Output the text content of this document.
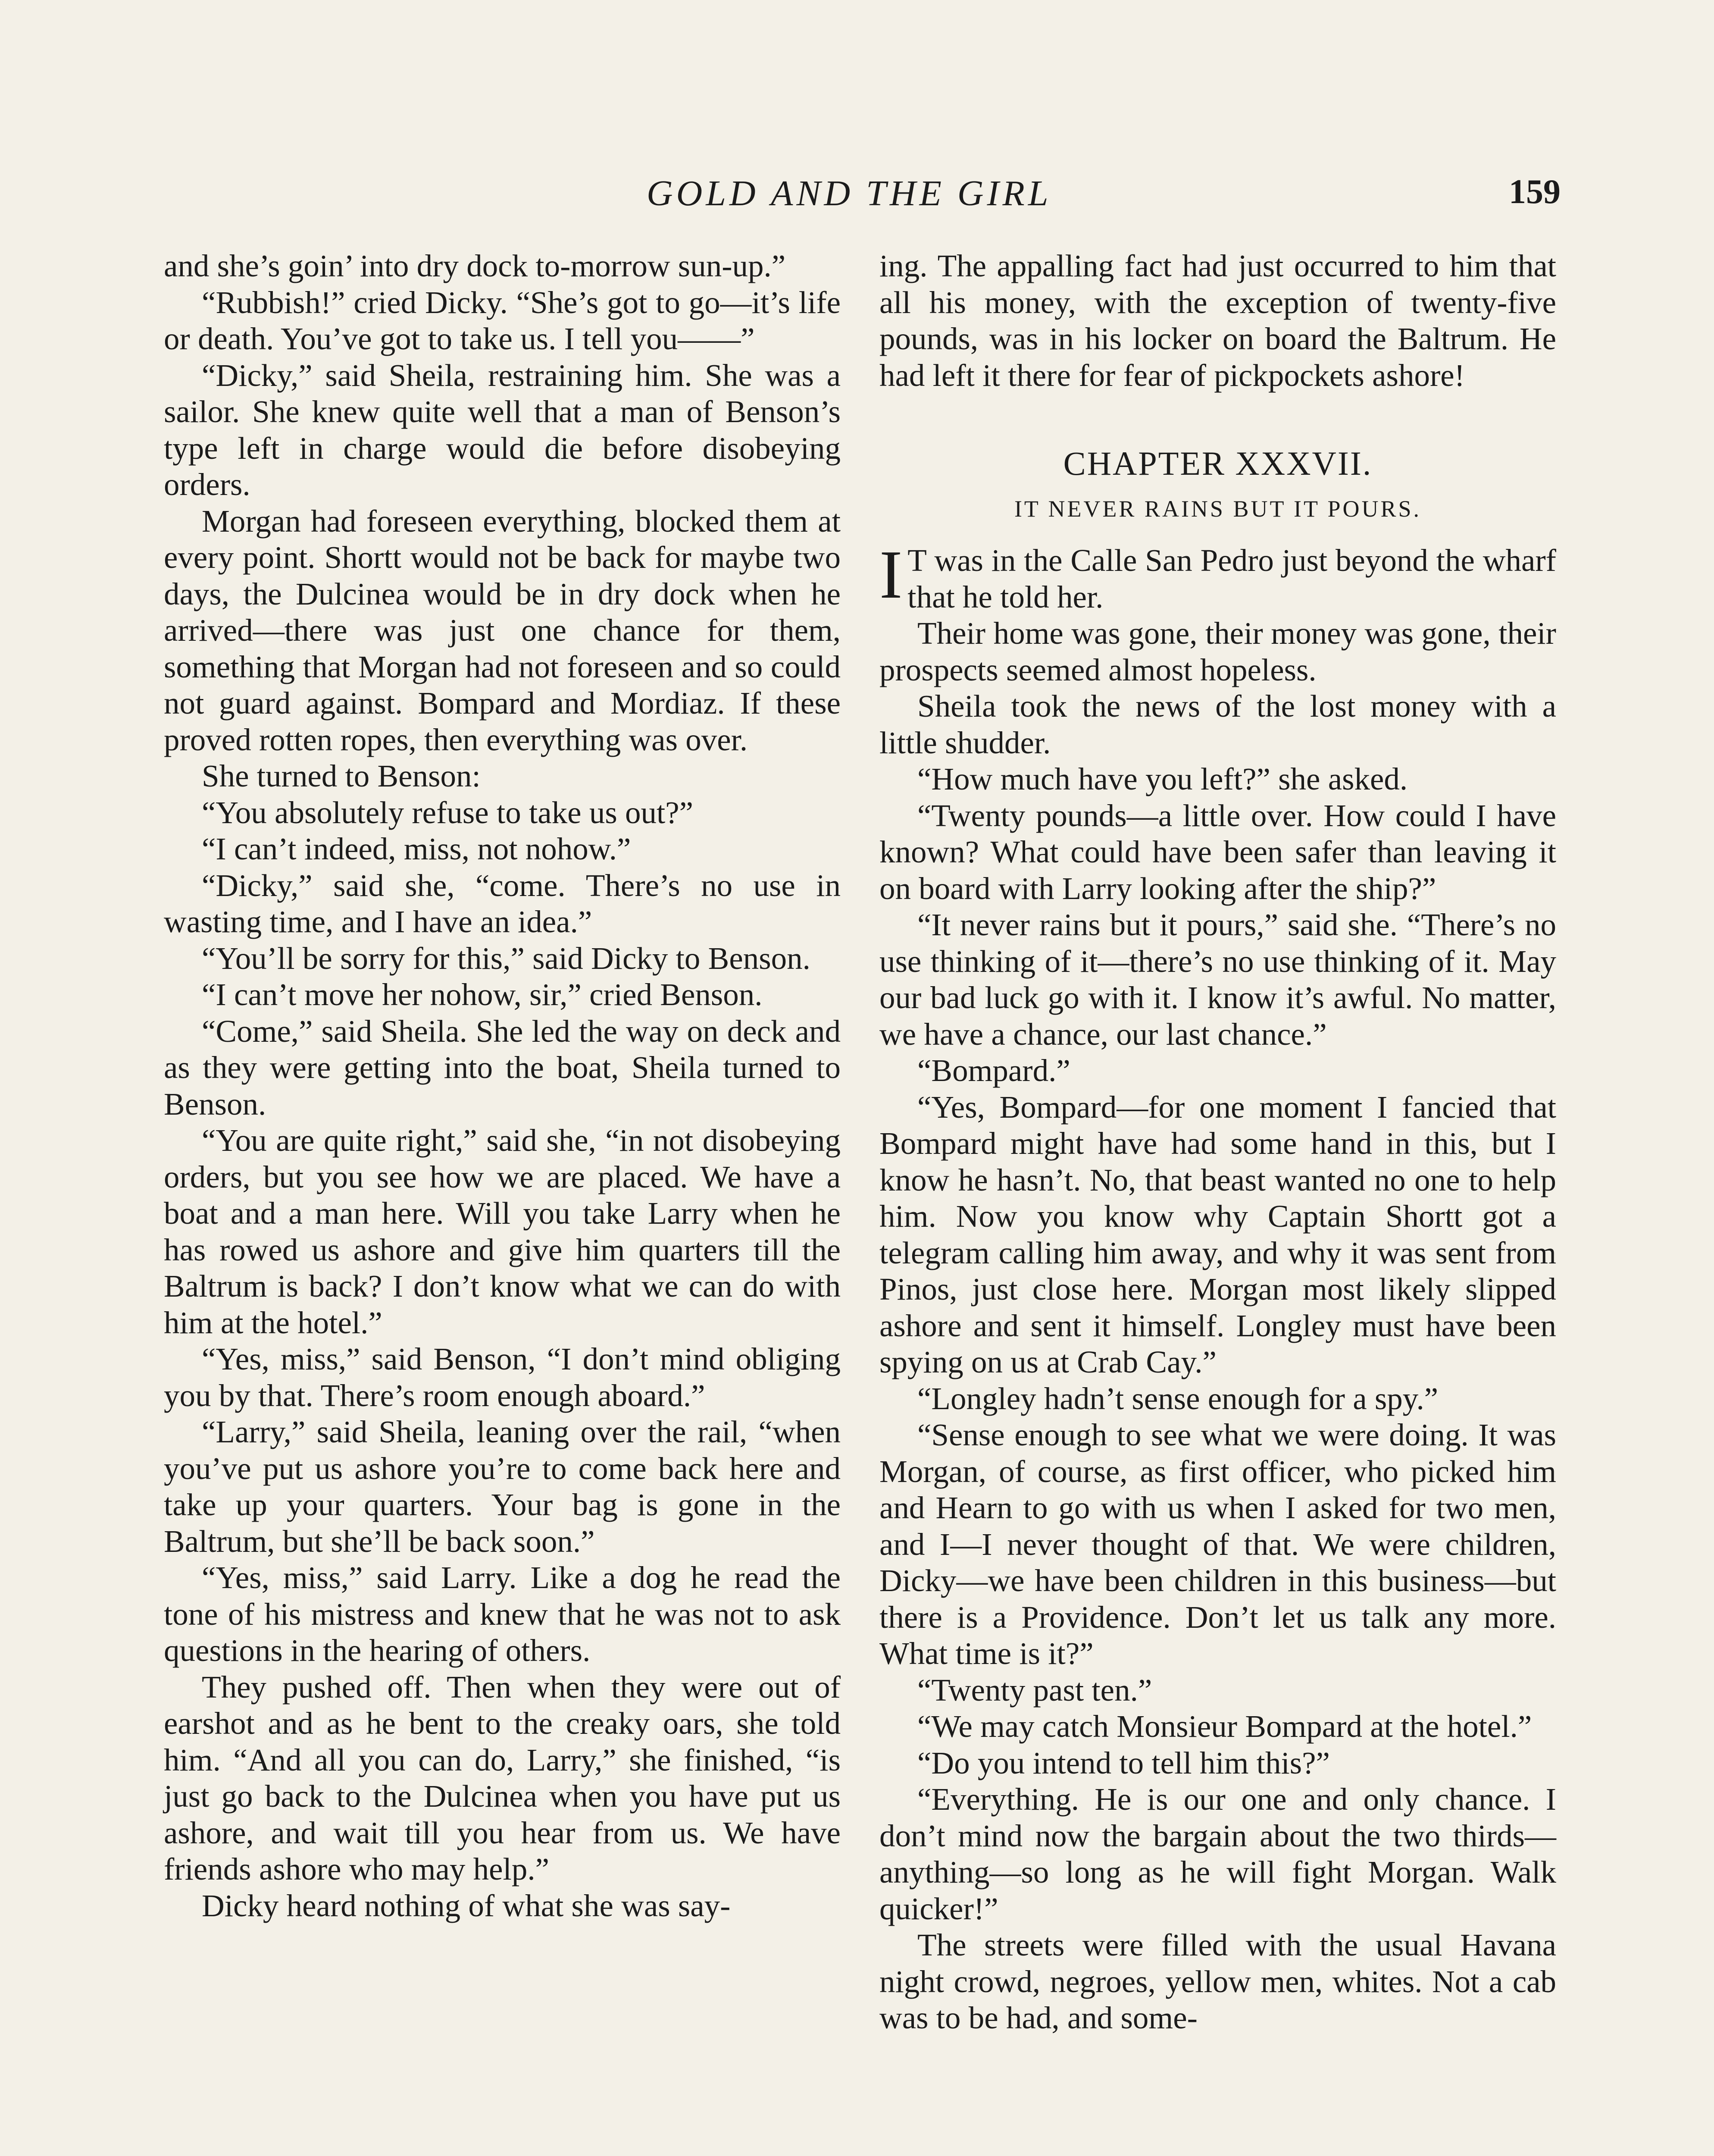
GOLD AND THE GIRL	159

and she’s goin’ into dry dock to-morrow sun-up.”

“Rubbish!” cried Dicky. “She’s got to go—it’s life or death. You’ve got to take us. I tell you——”

“Dicky,” said Sheila, restraining him. She was a sailor. She knew quite well that a man of Benson’s type left in charge would die before disobeying orders.

Morgan had foreseen everything, blocked them at every point. Shortt would not be back for maybe two days, the Dulcinea would be in dry dock when he arrived—there was just one chance for them, something that Morgan had not foreseen and so could not guard against. Bompard and Mordiaz. If these proved rotten ropes, then everything was over.

She turned to Benson:

“You absolutely refuse to take us out?”

“I can’t indeed, miss, not nohow.”

“Dicky,” said she, “come. There’s no use in wasting time, and I have an idea.”

“You’ll be sorry for this,” said Dicky to Benson.

“I can’t move her nohow, sir,” cried Benson.

“Come,” said Sheila. She led the way on deck and as they were getting into the boat, Sheila turned to Benson.

“You are quite right,” said she, “in not disobeying orders, but you see how we are placed. We have a boat and a man here. Will you take Larry when he has rowed us ashore and give him quarters till the Baltrum is back? I don’t know what we can do with him at the hotel.”

“Yes, miss,” said Benson, “I don’t mind obliging you by that. There’s room enough aboard.”

“Larry,” said Sheila, leaning over the rail, “when you’ve put us ashore you’re to come back here and take up your quarters. Your bag is gone in the Baltrum, but she’ll be back soon.”

“Yes, miss,” said Larry. Like a dog he read the tone of his mistress and knew that he was not to ask questions in the hearing of others.

They pushed off. Then when they were out of earshot and as he bent to the creaky oars, she told him. “And all you can do, Larry,” she finished, “is just go back to the Dulcinea when you have put us ashore, and wait till you hear from us. We have friends ashore who may help.”

Dicky heard nothing of what she was say-

ing. The appalling fact had just occurred to him that all his money, with the exception of twenty-five pounds, was in his locker on board the Baltrum. He had left it there for fear of pickpockets ashore!

CHAPTER XXXVII.
IT NEVER RAINS BUT IT POURS.

I T was in the Calle San Pedro just beyond the wharf that he told her.

Their home was gone, their money was gone, their prospects seemed almost hopeless.

Sheila took the news of the lost money with a little shudder.

“How much have you left?” she asked.

“Twenty pounds—a little over. How could I have known? What could have been safer than leaving it on board with Larry looking after the ship?”

“It never rains but it pours,” said she. “There’s no use thinking of it—there’s no use thinking of it. May our bad luck go with it. I know it’s awful. No matter, we have a chance, our last chance.”

“Bompard.”

“Yes, Bompard—for one moment I fancied that Bompard might have had some hand in this, but I know he hasn’t. No, that beast wanted no one to help him. Now you know why Captain Shortt got a telegram calling him away, and why it was sent from Pinos, just close here. Morgan most likely slipped ashore and sent it himself. Longley must have been spying on us at Crab Cay.”

“Longley hadn’t sense enough for a spy.”

“Sense enough to see what we were doing. It was Morgan, of course, as first officer, who picked him and Hearn to go with us when I asked for two men, and I—I never thought of that. We were children, Dicky—we have been children in this business—but there is a Providence. Don’t let us talk any more. What time is it?”

“Twenty past ten.”

“We may catch Monsieur Bompard at the hotel.”

“Do you intend to tell him this?”

“Everything. He is our one and only chance. I don’t mind now the bargain about the two thirds—anything—so long as he will fight Morgan. Walk quicker!”

The streets were filled with the usual Havana night crowd, negroes, yellow men, whites. Not a cab was to be had, and some-
